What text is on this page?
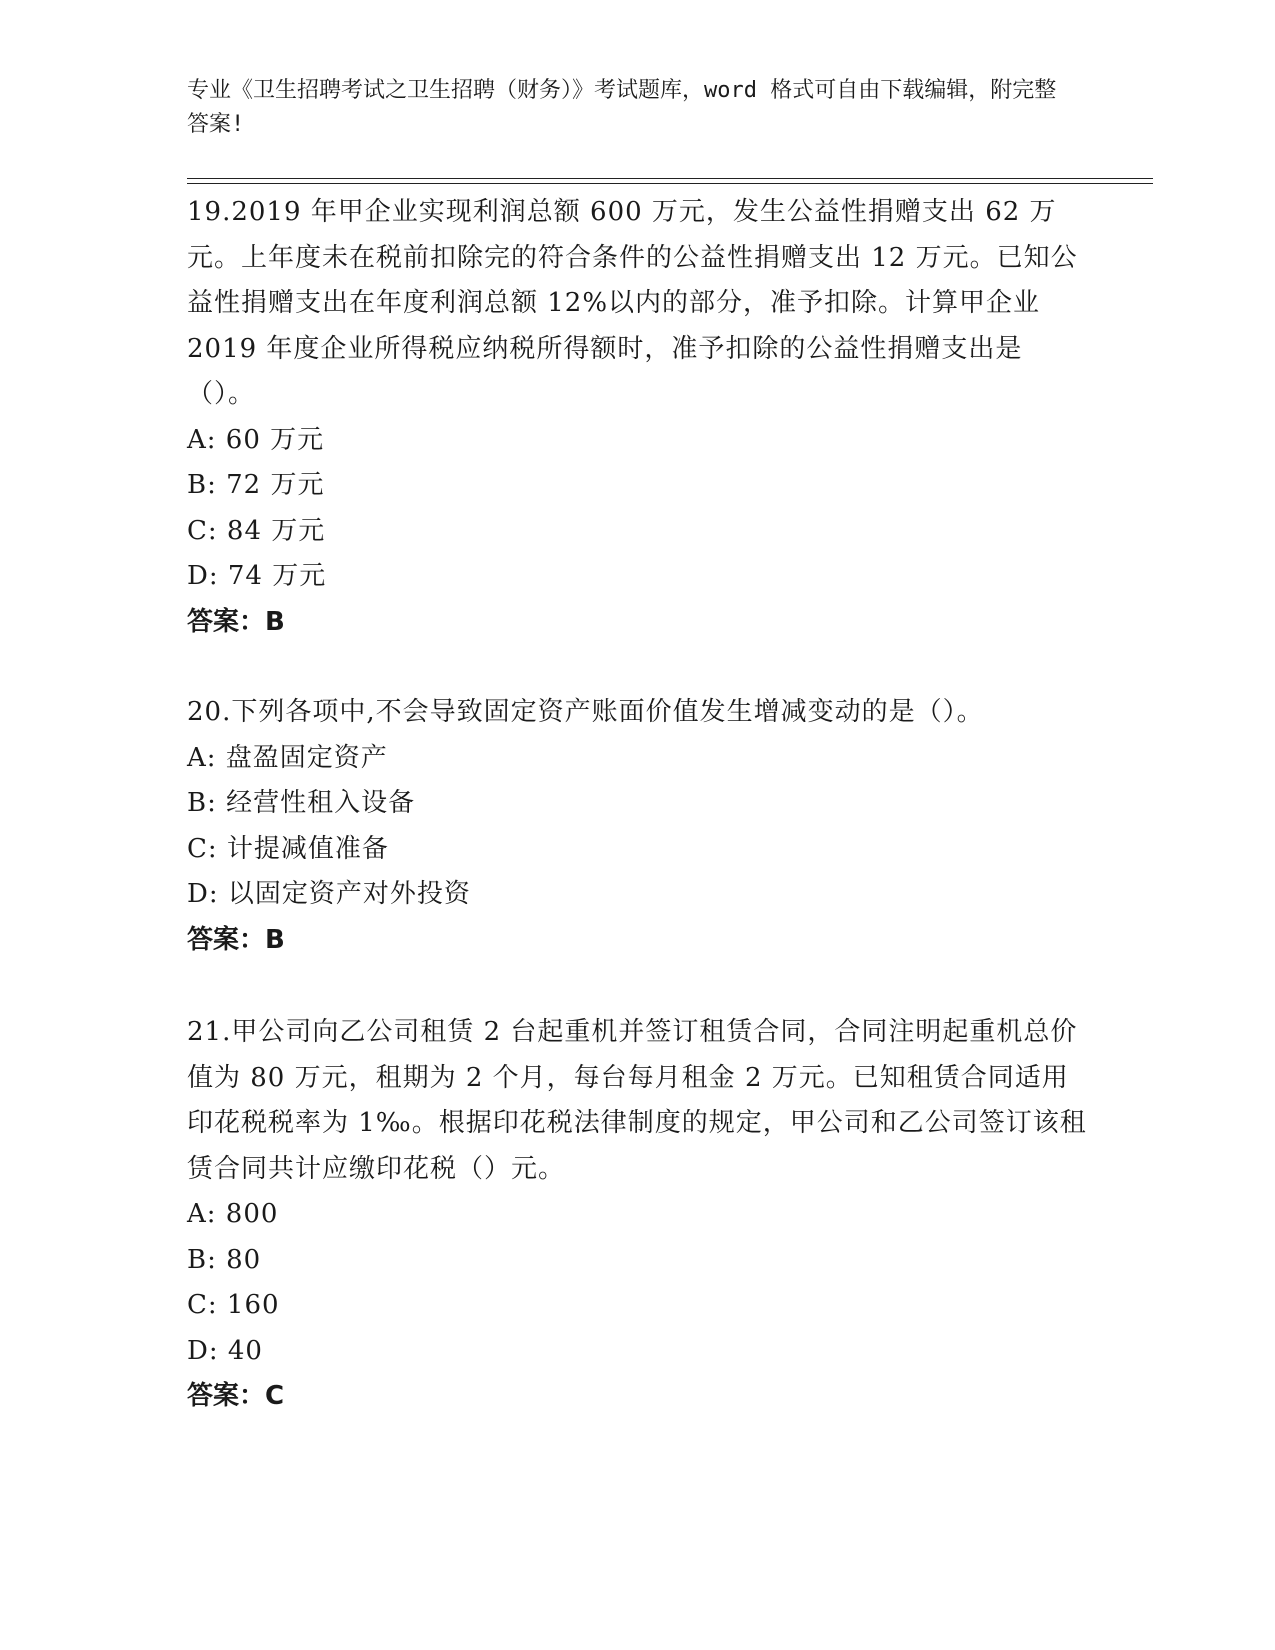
专业《卫生招聘考试之卫生招聘（财务）》考试题库，word 格式可自由下载编辑，附完整答案!

19.2019 年甲企业实现利润总额 600 万元，发生公益性捐赠支出 62 万元。上年度未在税前扣除完的符合条件的公益性捐赠支出 12 万元。已知公益性捐赠支出在年度利润总额 12%以内的部分，准予扣除。计算甲企业 2019 年度企业所得税应纳税所得额时，准予扣除的公益性捐赠支出是（）。

A: 60 万元

B: 72 万元

C: 84 万元

D: 74 万元

答案：B

20.下列各项中,不会导致固定资产账面价值发生增减变动的是（）。

A: 盘盈固定资产

B: 经营性租入设备

C: 计提减值准备

D: 以固定资产对外投资

答案：B

21.甲公司向乙公司租赁 2 台起重机并签订租赁合同，合同注明起重机总价值为 80 万元，租期为 2 个月，每台每月租金 2 万元。已知租赁合同适用印花税税率为 1‰。根据印花税法律制度的规定，甲公司和乙公司签订该租赁合同共计应缴印花税（）元。

A: 800

B: 80

C: 160

D: 40

答案：C
